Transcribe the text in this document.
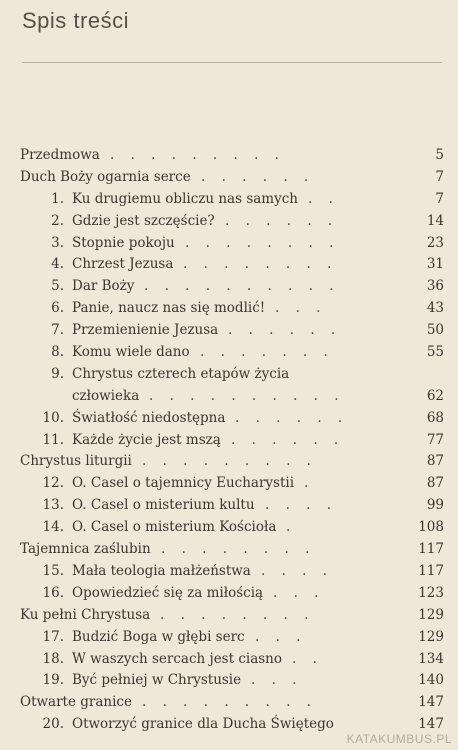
Spis treści
Przedmowa	5
. . . . . . . . .
Duch Boży ogarnia serce	7
. . . . . .
1. Ku drugiemu obliczu nas samych	7
. .
2. Gdzie jest szczęście?	14
. . . . . .
3. Stopnie pokoju	23
. . . . . . . .
4. Chrzest Jezusa	31
. . . . . . . .
5. Dar Boży	36
. . . . . . . . . .
6. Panie, naucz nas się modlić!	43
. . .
7. Przemienienie Jezusa	50
. . . . . .
8. Komu wiele dano	55
. . . . . . .
9. Chrystus czterech etapów życia
człowieka	62
. . . . . . . . . .
10. Światłość niedostępna	68
. . . . . .
11. Każde życie jest mszą	77
. . . . . .
Chrystus liturgii	87
. . . . . . . . .
12. O. Casel o tajemnicy Eucharystii	87
.
13. O. Casel o misterium kultu	99
. . . .
14. O. Casel o misterium Kościoła	108
.
Tajemnica zaślubin	117
. . . . . . . .
15. Mała teologia małżeństwa	117
. . . .
16. Opowiedzieć się za miłością	123
. . .
Ku pełni Chrystusa	129
. . . . . . . .
17. Budzić Boga w głębi serc	129
. . .
18. W waszych sercach jest ciasno	134
. .
19. Być pełniej w Chrystusie	140
. . .
Otwarte granice	147
. . . . . . . . .
20. Otworzyć granice dla Ducha Świętego	147
KATAKUMBUS.PL
